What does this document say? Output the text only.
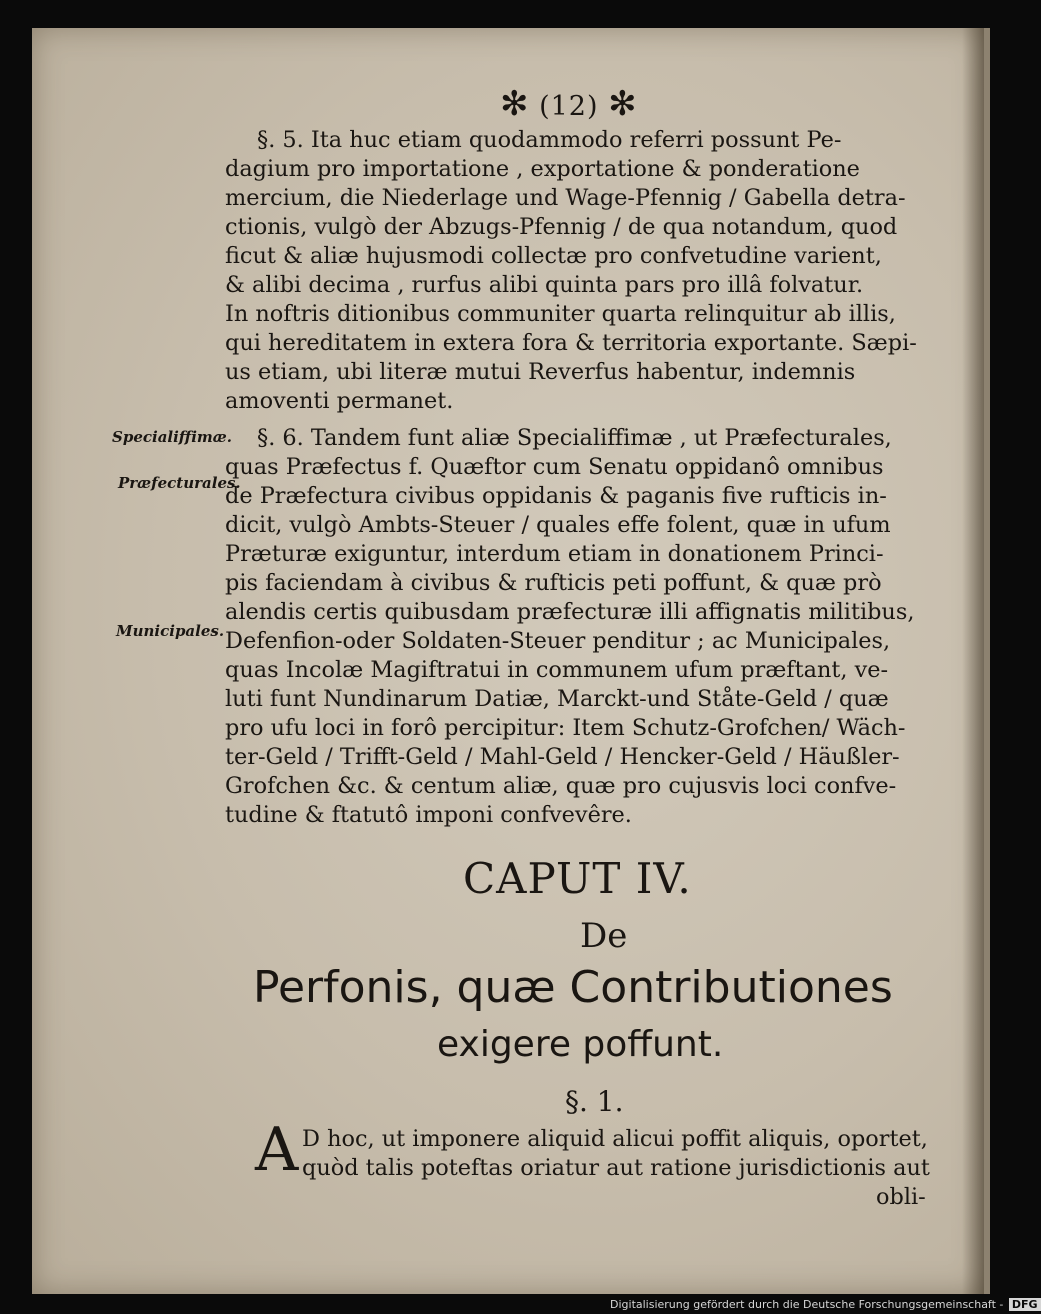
✻ (12) ✻
§. 5. Ita huc etiam quodammodo referri possunt Pe-
dagium pro importatione , exportatione & ponderatione
mercium, die Niederlage und Wage-Pfennig / Gabella detra-
ctionis, vulgò der Abzugs-Pfennig / de qua notandum, quod
ficut & aliæ hujusmodi collectæ pro confvetudine varient,
& alibi decima , rurfus alibi quinta pars pro illâ folvatur.
In noftris ditionibus communiter quarta relinquitur ab illis,
qui hereditatem in extera fora & territoria exportante. Sæpi-
us etiam, ubi literæ mutui Reverfus habentur, indemnis
amoventi permanet.
Specialiffimæ.
Præfecturales.
Municipales.
§. 6. Tandem funt aliæ Specialiffimæ , ut Præfecturales,
quas Præfectus f. Quæftor cum Senatu oppidanô omnibus
de Præfectura civibus oppidanis & paganis five rufticis in-
dicit, vulgò Ambts-Steuer / quales effe folent, quæ in ufum
Præturæ exiguntur, interdum etiam in donationem Princi-
pis faciendam à civibus & rufticis peti poffunt, & quæ prò
alendis certis quibusdam præfecturæ illi affignatis militibus,
Defenfion-oder Soldaten-Steuer penditur ; ac Municipales,
quas Incolæ Magiftratui in communem ufum præftant, ve-
luti funt Nundinarum Datiæ, Marckt-und Ståte-Geld / quæ
pro ufu loci in forô percipitur: Item Schutz-Grofchen/ Wäch-
ter-Geld / Trifft-Geld / Mahl-Geld / Hencker-Geld / Häußler-
Grofchen &c. & centum aliæ, quæ pro cujusvis loci confve-
tudine & ftatutô imponi confvevêre.
CAPUT IV.
De
Perfonis, quæ Contributiones
exigere poffunt.
§. 1.
A D hoc, ut imponere aliquid alicui poffit aliquis, oportet,
quòd talis poteftas oriatur aut ratione jurisdictionis aut
obli-
Digitalisierung gefördert durch die Deutsche Forschungsgemeinschaft - DFG
